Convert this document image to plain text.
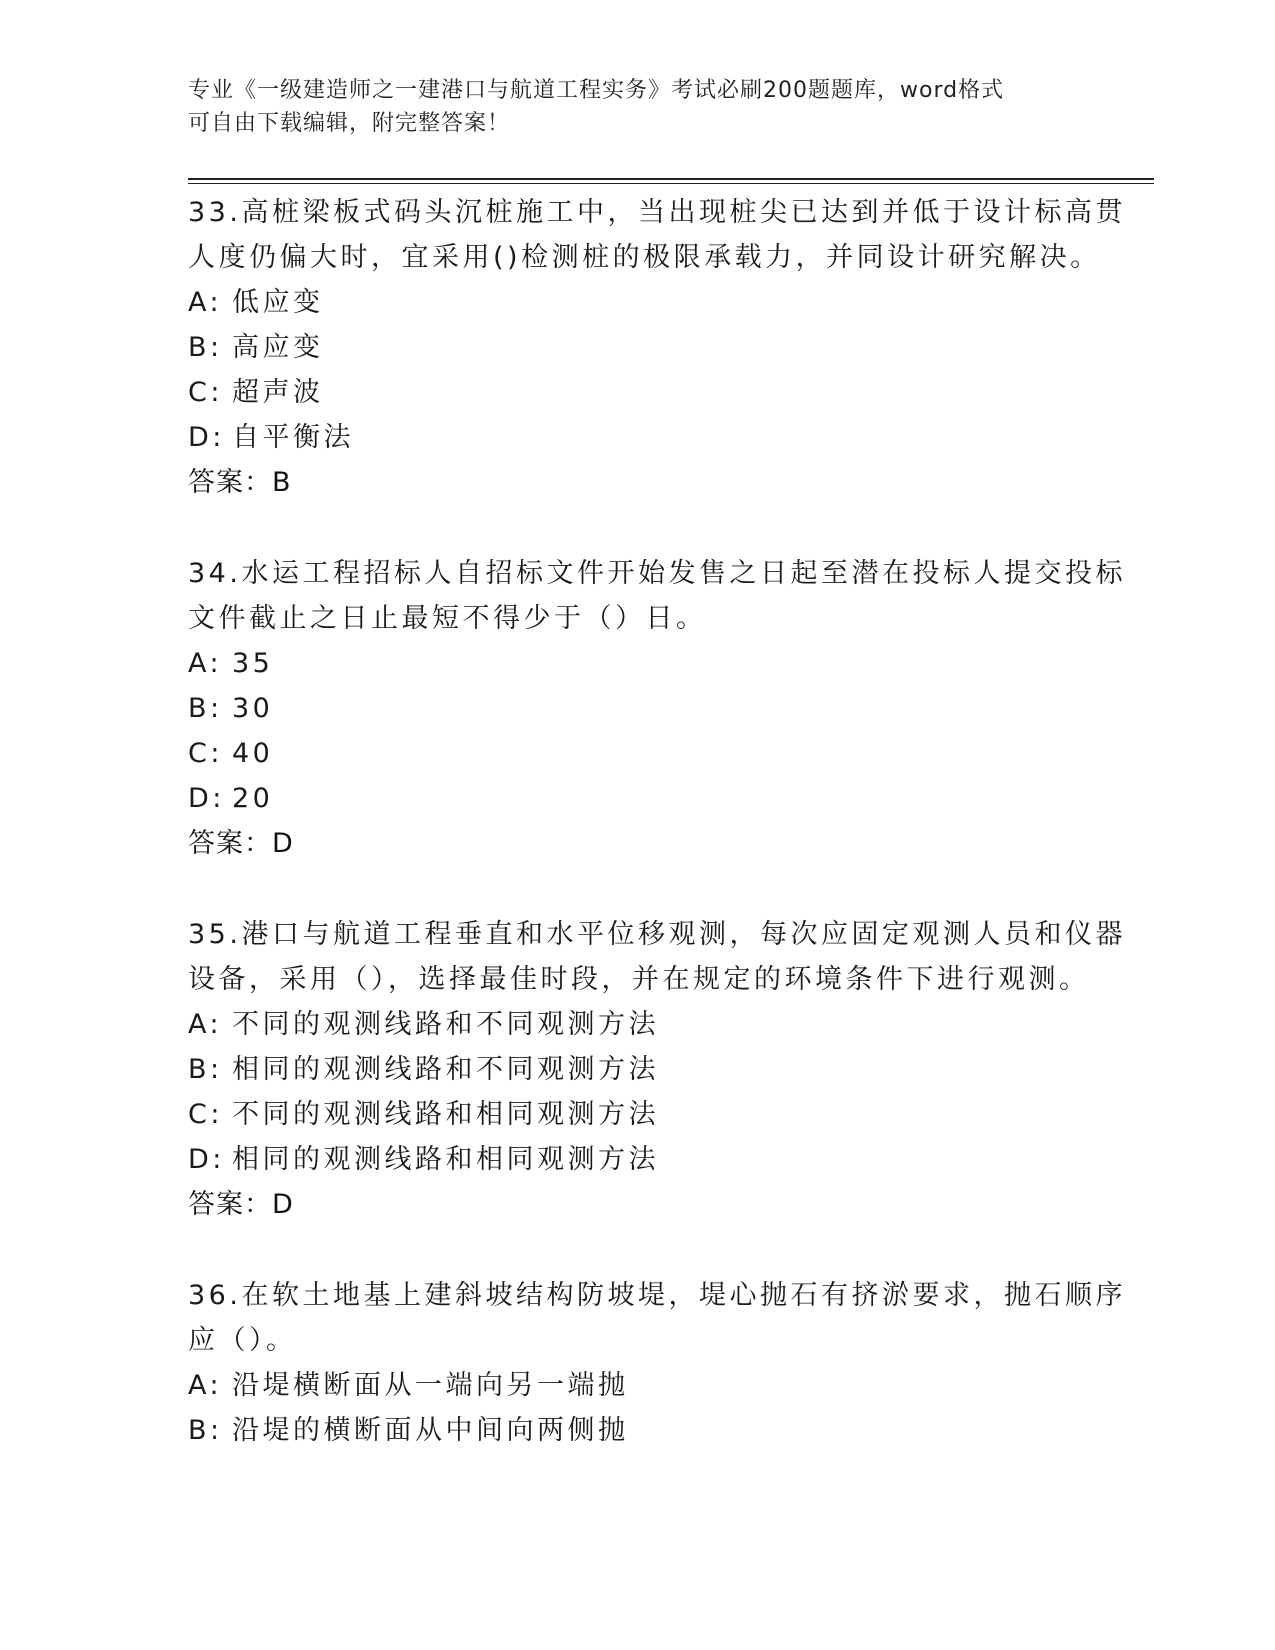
专业《一级建造师之一建港口与航道工程实务》考试必刷200题题库，word格式
可自由下载编辑，附完整答案！
33.高桩梁板式码头沉桩施工中，当出现桩尖已达到并低于设计标高贯
人度仍偏大时，宜采用()检测桩的极限承载力，并同设计研究解决。
A: 低应变
B: 高应变
C: 超声波
D: 自平衡法
答案：B
34.水运工程招标人自招标文件开始发售之日起至潜在投标人提交投标
文件截止之日止最短不得少于（）日。
A: 35
B: 30
C: 40
D: 20
答案：D
35.港口与航道工程垂直和水平位移观测，每次应固定观测人员和仪器
设备，采用（），选择最佳时段，并在规定的环境条件下进行观测。
A: 不同的观测线路和不同观测方法
B: 相同的观测线路和不同观测方法
C: 不同的观测线路和相同观测方法
D: 相同的观测线路和相同观测方法
答案：D
36.在软土地基上建斜坡结构防坡堤，堤心抛石有挤淤要求，抛石顺序
应（）。
A: 沿堤横断面从一端向另一端抛
B: 沿堤的横断面从中间向两侧抛
